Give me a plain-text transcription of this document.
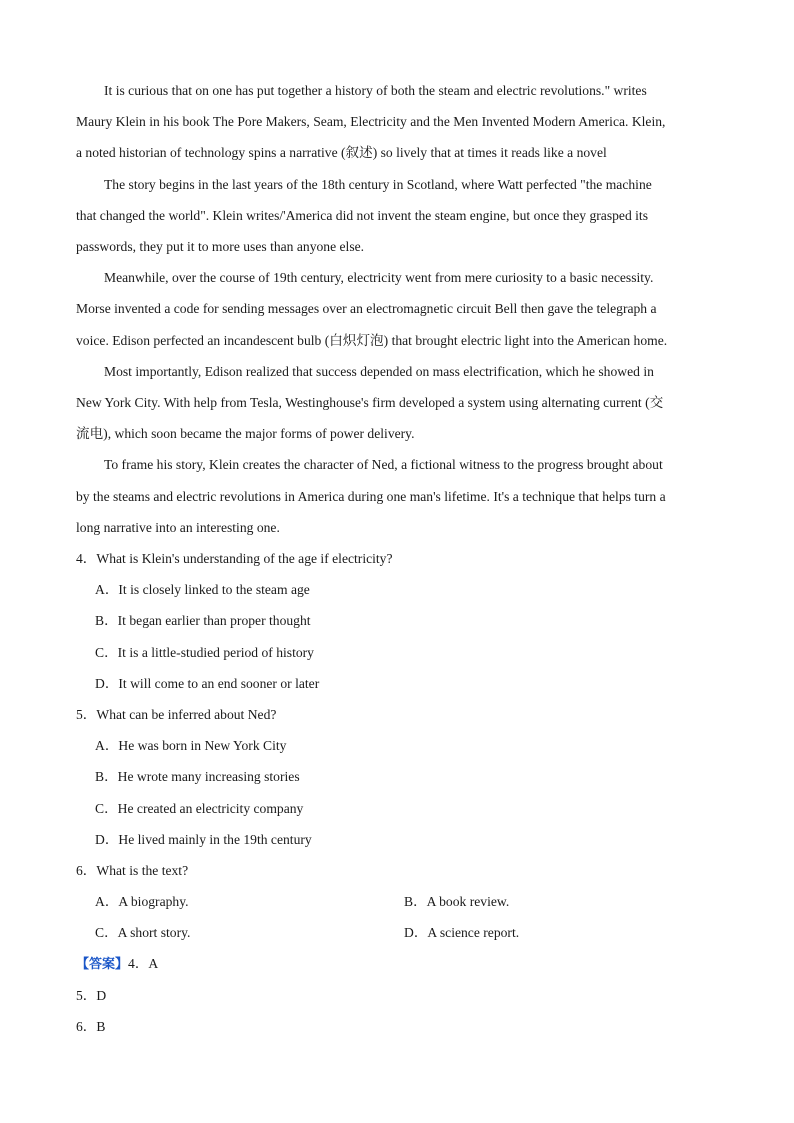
It is curious that on one has put together a history of both the steam and electric revolutions." writes
Maury Klein in his book The Pore Makers, Seam, Electricity and the Men Invented Modern America. Klein,
a noted historian of technology spins a narrative (叙述) so lively that at times it reads like a novel

The story begins in the last years of the 18th century in Scotland, where Watt perfected "the machine
that changed the world". Klein writes/'America did not invent the steam engine, but once they grasped its
passwords, they put it to more uses than anyone else.

Meanwhile, over the course of 19th century, electricity went from mere curiosity to a basic necessity.
Morse invented a code for sending messages over an electromagnetic circuit Bell then gave the telegraph a
voice. Edison perfected an incandescent bulb (白炽灯泡) that brought electric light into the American home.

Most importantly, Edison realized that success depended on mass electrification, which he showed in
New York City. With help from Tesla, Westinghouse's firm developed a system using alternating current (交
流电), which soon became the major forms of power delivery.

To frame his story, Klein creates the character of Ned, a fictional witness to the progress brought about
by the steams and electric revolutions in America during one man's lifetime. It's a technique that helps turn a
long narrative into an interesting one.

4．What is Klein's understanding of the age if electricity?
A．It is closely linked to the steam age
B．It began earlier than proper thought
C．It is a little-studied period of history
D．It will come to an end sooner or later
5．What can be inferred about Ned?
A．He was born in New York City
B．He wrote many increasing stories
C．He created an electricity company
D．He lived mainly in the 19th century
6．What is the text?
A．A biography.	B．A book review.
C．A short story.	D．A science report.
【答案】4．A
5．D
6．B
